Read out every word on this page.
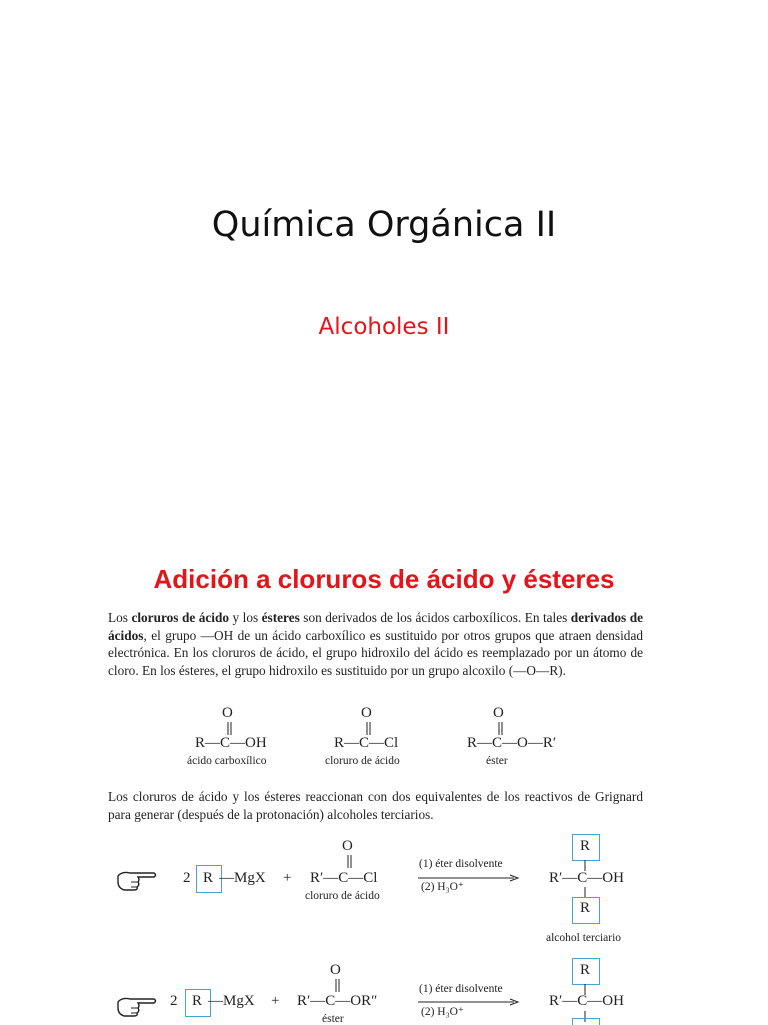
Química Orgánica II
Alcoholes II
Adición a cloruros de ácido y ésteres
Los cloruros de ácido y los ésteres son derivados de los ácidos carboxílicos. En tales derivados de ácidos, el grupo —OH de un ácido carboxílico es sustituido por otros grupos que atraen densidad electrónica. En los cloruros de ácido, el grupo hidroxilo del ácido es reemplazado por un átomo de cloro. En los ésteres, el grupo hidroxilo es sustituido por un grupo alcoxilo (—O—R).
O
R—C—OH
ácido carboxílico
O
R—C—Cl
cloruro de ácido
O
R—C—O—R′
éster
Los cloruros de ácido y los ésteres reaccionan con dos equivalentes de los reactivos de Grignard para generar (después de la protonación) alcoholes terciarios.
2 R —MgX +
O
R′—C—Cl
cloruro de ácido
(1) éter disolvente
(2) H₃O⁺
R
R′—C—OH
R
alcohol terciario
2 R —MgX +
O
R′—C—OR″
éster
(1) éter disolvente
(2) H₃O⁺
R
R′—C—OH
